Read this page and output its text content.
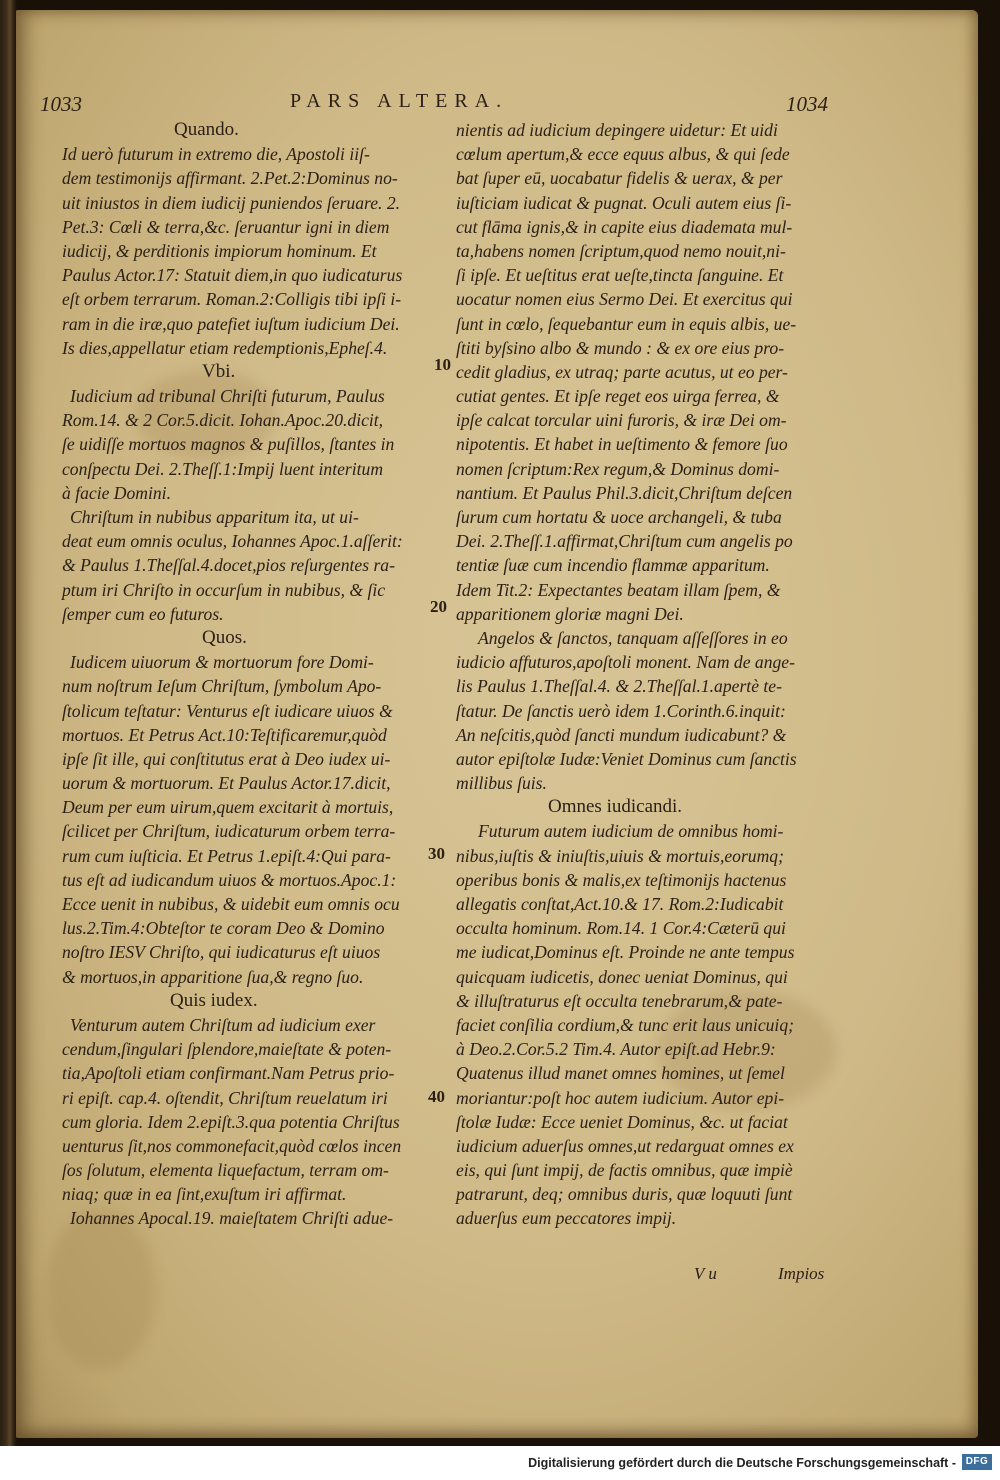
1033	PARS ALTERA.	1034
Quando.
Id uerò futurum in extremo die, Apostoli iiſ-
dem testimonijs affirmant. 2.Pet.2:Dominus no-
uit iniustos in diem iudicij puniendos ſeruare. 2.
Pet.3: Cœli & terra,&c. ſeruantur igni in diem
iudicij, & perditionis impiorum hominum. Et
Paulus Actor.17: Statuit diem,in quo iudicaturus
eſt orbem terrarum. Roman.2:Colligis tibi ipſi i-
ram in die iræ,quo patefiet iuſtum iudicium Dei.
Is dies,appellatur etiam redemptionis,Epheſ.4.
Vbi.
Iudicium ad tribunal Chriſti futurum, Paulus
Rom.14. & 2 Cor.5.dicit. Iohan.Apoc.20.dicit,
ſe uidiſſe mortuos magnos & puſillos, ſtantes in
conſpectu Dei. 2.Theſſ.1:Impij luent interitum
à facie Domini.
Chriſtum in nubibus apparitum ita, ut ui-
deat eum omnis oculus, Iohannes Apoc.1.aſſerit:
& Paulus 1.Theſſal.4.docet,pios reſurgentes ra-
ptum iri Chriſto in occurſum in nubibus, & ſic
ſemper cum eo futuros.
Quos.
Iudicem uiuorum & mortuorum fore Domi-
num noſtrum Ieſum Chriſtum, ſymbolum Apo-
ſtolicum teſtatur: Venturus eſt iudicare uiuos &
mortuos. Et Petrus Act.10:Teſtificaremur,quòd
ipſe ſit ille, qui conſtitutus erat à Deo iudex ui-
uorum & mortuorum. Et Paulus Actor.17.dicit,
Deum per eum uirum,quem excitarit à mortuis,
ſcilicet per Chriſtum, iudicaturum orbem terra-
rum cum iuſticia. Et Petrus 1.epiſt.4:Qui para-
tus eſt ad iudicandum uiuos & mortuos.Apoc.1:
Ecce uenit in nubibus, & uidebit eum omnis ocu
lus.2.Tim.4:Obteſtor te coram Deo & Domino
noſtro IESV Chriſto, qui iudicaturus eſt uiuos
& mortuos,in apparitione ſua,& regno ſuo.
Quis iudex.
Venturum autem Chriſtum ad iudicium exer
cendum,ſingulari ſplendore,maieſtate & poten-
tia,Apoſtoli etiam confirmant.Nam Petrus prio-
ri epiſt. cap.4. oſtendit, Chriſtum reuelatum iri
cum gloria. Idem 2.epiſt.3.qua potentia Chriſtus
uenturus ſit,nos commonefacit,quòd cœlos incen
ſos ſolutum, elementa liquefactum, terram om-
niaq; quæ in ea ſint,exuſtum iri affirmat.
Iohannes Apocal.19. maieſtatem Chriſti adue-
nientis ad iudicium depingere uidetur: Et uidi
cœlum apertum,& ecce equus albus, & qui ſede
bat ſuper eū, uocabatur fidelis & uerax, & per
iuſticiam iudicat & pugnat. Oculi autem eius ſi-
cut flāma ignis,& in capite eius diademata mul-
ta,habens nomen ſcriptum,quod nemo nouit,ni-
ſi ipſe. Et ueſtitus erat ueſte,tincta ſanguine. Et
uocatur nomen eius Sermo Dei. Et exercitus qui
ſunt in cœlo, ſequebantur eum in equis albis, ue-
ſtiti byſsino albo & mundo : & ex ore eius pro-
cedit gladius, ex utraq; parte acutus, ut eo per-
cutiat gentes. Et ipſe reget eos uirga ferrea, &
ipſe calcat torcular uini furoris, & iræ Dei om-
nipotentis. Et habet in ueſtimento & femore ſuo
nomen ſcriptum:Rex regum,& Dominus domi-
nantium. Et Paulus Phil.3.dicit,Chriſtum deſcen
ſurum cum hortatu & uoce archangeli, & tuba
Dei. 2.Theſſ.1.affirmat,Chriſtum cum angelis po
tentiæ ſuæ cum incendio flammæ apparitum.
Idem Tit.2: Expectantes beatam illam ſpem, &
apparitionem gloriæ magni Dei.
Angelos & ſanctos, tanquam aſſeſſores in eo
iudicio affuturos,apoſtoli monent. Nam de ange-
lis Paulus 1.Theſſal.4. & 2.Theſſal.1.apertè te-
ſtatur. De ſanctis uerò idem 1.Corinth.6.inquit:
An neſcitis,quòd ſancti mundum iudicabunt? &
autor epiſtolæ Iudæ:Veniet Dominus cum ſanctis
millibus ſuis.
Omnes iudicandi.
Futurum autem iudicium de omnibus homi-
nibus,iuſtis & iniuſtis,uiuis & mortuis,eorumq;
operibus bonis & malis,ex teſtimonijs hactenus
allegatis conſtat,Act.10.& 17. Rom.2:Iudicabit
occulta hominum. Rom.14. 1 Cor.4:Cæterū qui
me iudicat,Dominus eſt. Proinde ne ante tempus
quicquam iudicetis, donec ueniat Dominus, qui
& illuſtraturus eſt occulta tenebrarum,& pate-
faciet conſilia cordium,& tunc erit laus unicuiq;
à Deo.2.Cor.5.2 Tim.4. Autor epiſt.ad Hebr.9:
Quatenus illud manet omnes homines, ut ſemel
moriantur:poſt hoc autem iudicium. Autor epi-
ſtolæ Iudæ: Ecce ueniet Dominus, &c. ut faciat
iudicium aduerſus omnes,ut redarguat omnes ex
eis, qui ſunt impij, de factis omnibus, quæ impiè
patrarunt, deq; omnibus duris, quæ loquuti ſunt
aduerſus eum peccatores impij.
10
20
30
40
V u	Impios
Digitalisierung gefördert durch die Deutsche Forschungsgemeinschaft - DFG
